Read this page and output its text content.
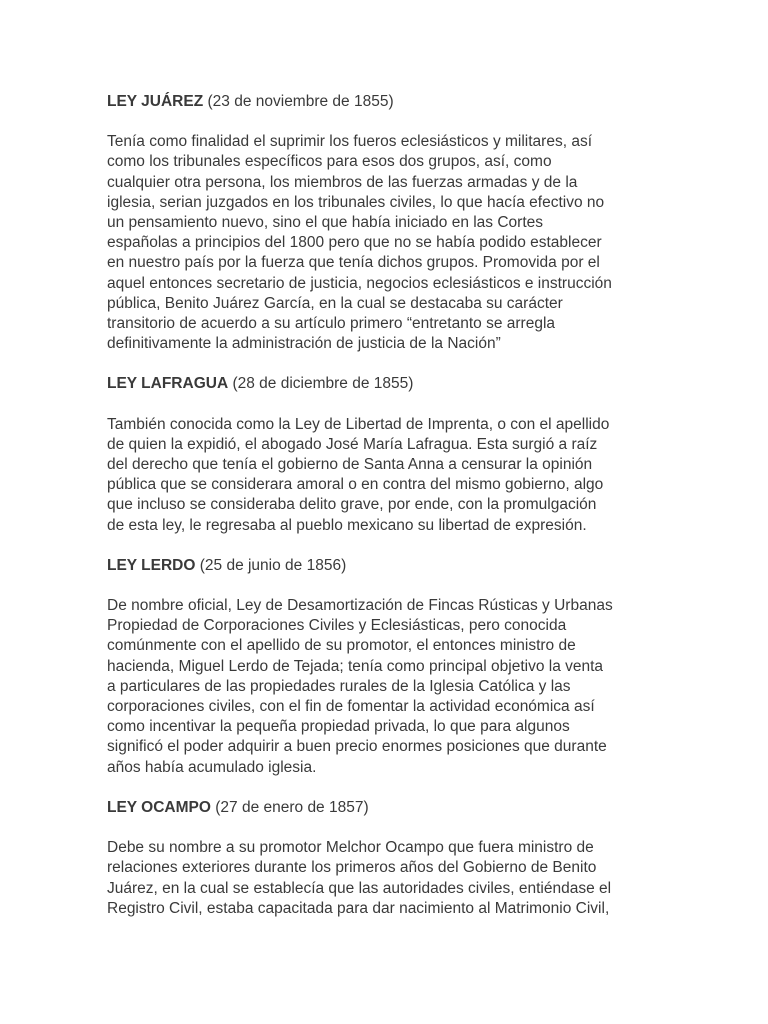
LEY JUÁREZ (23 de noviembre de 1855)
Tenía como finalidad el suprimir los fueros eclesiásticos y militares, así
como los tribunales específicos para esos dos grupos, así, como
cualquier otra persona, los miembros de las fuerzas armadas y de la
iglesia, serian juzgados en los tribunales civiles, lo que hacía efectivo no
un pensamiento nuevo, sino el que había iniciado en las Cortes
españolas a principios del 1800 pero que no se había podido establecer
en nuestro país por la fuerza que tenía dichos grupos. Promovida por el
aquel entonces secretario de justicia, negocios eclesiásticos e instrucción
pública, Benito Juárez García, en la cual se destacaba su carácter
transitorio de acuerdo a su artículo primero “entretanto se arregla
definitivamente la administración de justicia de la Nación”
LEY LAFRAGUA (28 de diciembre de 1855)
También conocida como la Ley de Libertad de Imprenta, o con el apellido
de quien la expidió, el abogado José María Lafragua. Esta surgió a raíz
del derecho que tenía el gobierno de Santa Anna a censurar la opinión
pública que se considerara amoral o en contra del mismo gobierno, algo
que incluso se consideraba delito grave, por ende, con la promulgación
de esta ley, le regresaba al pueblo mexicano su libertad de expresión.
LEY LERDO (25 de junio de 1856)
De nombre oficial, Ley de Desamortización de Fincas Rústicas y Urbanas
Propiedad de Corporaciones Civiles y Eclesiásticas, pero conocida
comúnmente con el apellido de su promotor, el entonces ministro de
hacienda, Miguel Lerdo de Tejada; tenía como principal objetivo la venta
a particulares de las propiedades rurales de la Iglesia Católica y las
corporaciones civiles, con el fin de fomentar la actividad económica así
como incentivar la pequeña propiedad privada, lo que para algunos
significó el poder adquirir a buen precio enormes posiciones que durante
años había acumulado iglesia.
LEY OCAMPO (27 de enero de 1857)
Debe su nombre a su promotor Melchor Ocampo que fuera ministro de
relaciones exteriores durante los primeros años del Gobierno de Benito
Juárez, en la cual se establecía que las autoridades civiles, entiéndase el
Registro Civil, estaba capacitada para dar nacimiento al Matrimonio Civil,
